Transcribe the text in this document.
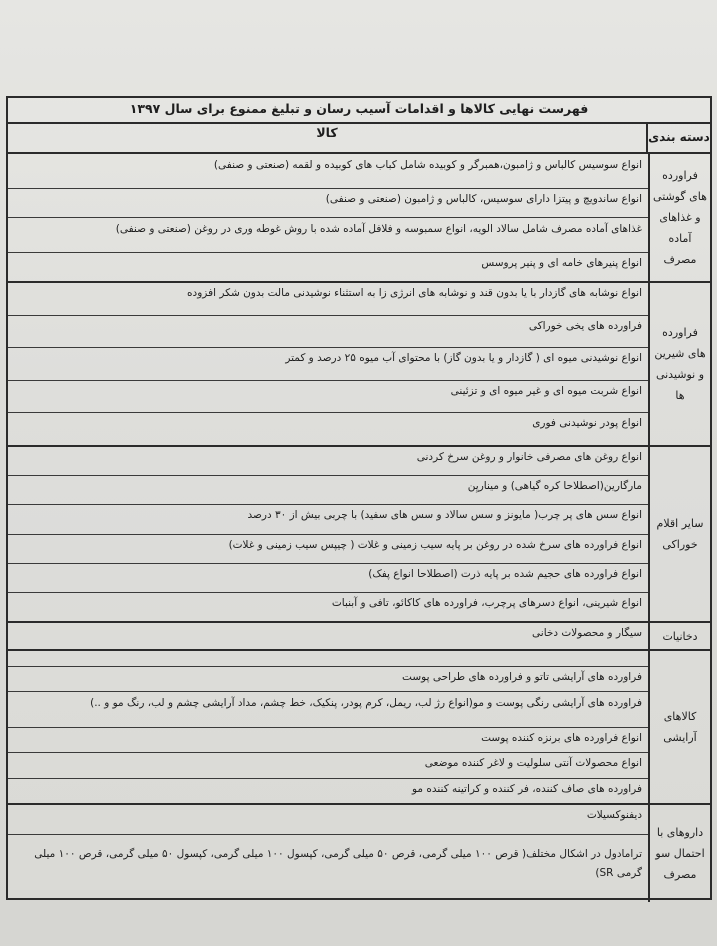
فهرست نهایی کالاها و اقدامات آسیب رسان و تبلیغ ممنوع برای سال ۱۳۹۷
دسته بندی
کالا
فراورده های گوشتی و غذاهای آماده مصرف
انواع سوسیس کالباس و ژامبون،همبرگر و کوبیده شامل کباب های کوبیده و لقمه (صنعتی و صنفی)
انواع ساندویچ و پیتزا دارای سوسیس، کالباس و ژامبون (صنعتی و صنفی)
غذاهای آماده مصرف شامل سالاد الویه، انواع سمبوسه و فلافل آماده شده با روش غوطه وری در روغن (صنعتی و صنفی)
انواع پنیرهای خامه ای و پنیر پروسس
فراورده های شیرین و نوشیدنی ها
انواع نوشابه های گازدار با یا بدون قند و نوشابه های انرژی زا به استثناء نوشیدنی مالت بدون شکر افزوده
فراورده های یخی خوراکی
انواع نوشیدنی میوه ای ( گازدار و یا بدون گاز) با محتوای آب میوه ۲۵ درصد و کمتر
انواع شربت میوه ای و غیر میوه ای و تزئینی
انواع پودر نوشیدنی فوری
سایر اقلام خوراکی
انواع روغن های مصرفی خانوار و روغن سرخ کردنی
مارگارین(اصطلاحا کره گیاهی) و میناریِن
انواع سس های پر چرب( مایونز و سس سالاد و سس های سفید) با چربی بیش از ۳۰ درصد
انواع فراورده های سرخ شده در روغن بر پایه سیب زمینی و غلات ( چیپس سیب زمینی و غلات)
انواع فراورده های حجیم شده بر پایه ذرت (اصطلاحا انواع پفک)
انواع شیرینی، انواع دسرهای پرچرب، فراورده های کاکائو، تافی و آبنبات
دخانیات
سیگار و محصولات دخانی
کالاهای آرایشی
فراورده های آرایشی تاتو و فراورده های طراحی پوست
فراورده های آرایشی رنگی پوست و مو(انواع رژ لب، ریمل، کرم پودر، پنکیک، خط چشم، مداد آرایشی چشم و لب، رنگ مو و ..)
انواع فراورده های برنزه کننده پوست
انواع محصولات آنتی سلولیت و لاغر کننده موضعی
فراورده های صاف کننده، فر کننده و کراتینه کننده مو
داروهای با احتمال سو مصرف
دیفنوکسیلات
ترامادول در اشکال مختلف( قرص ۱۰۰ میلی گرمی، قرص ۵۰ میلی گرمی، کپسول ۱۰۰ میلی گرمی، کپسول ۵۰ میلی گرمی، قرص ۱۰۰ میلی گرمی SR)
